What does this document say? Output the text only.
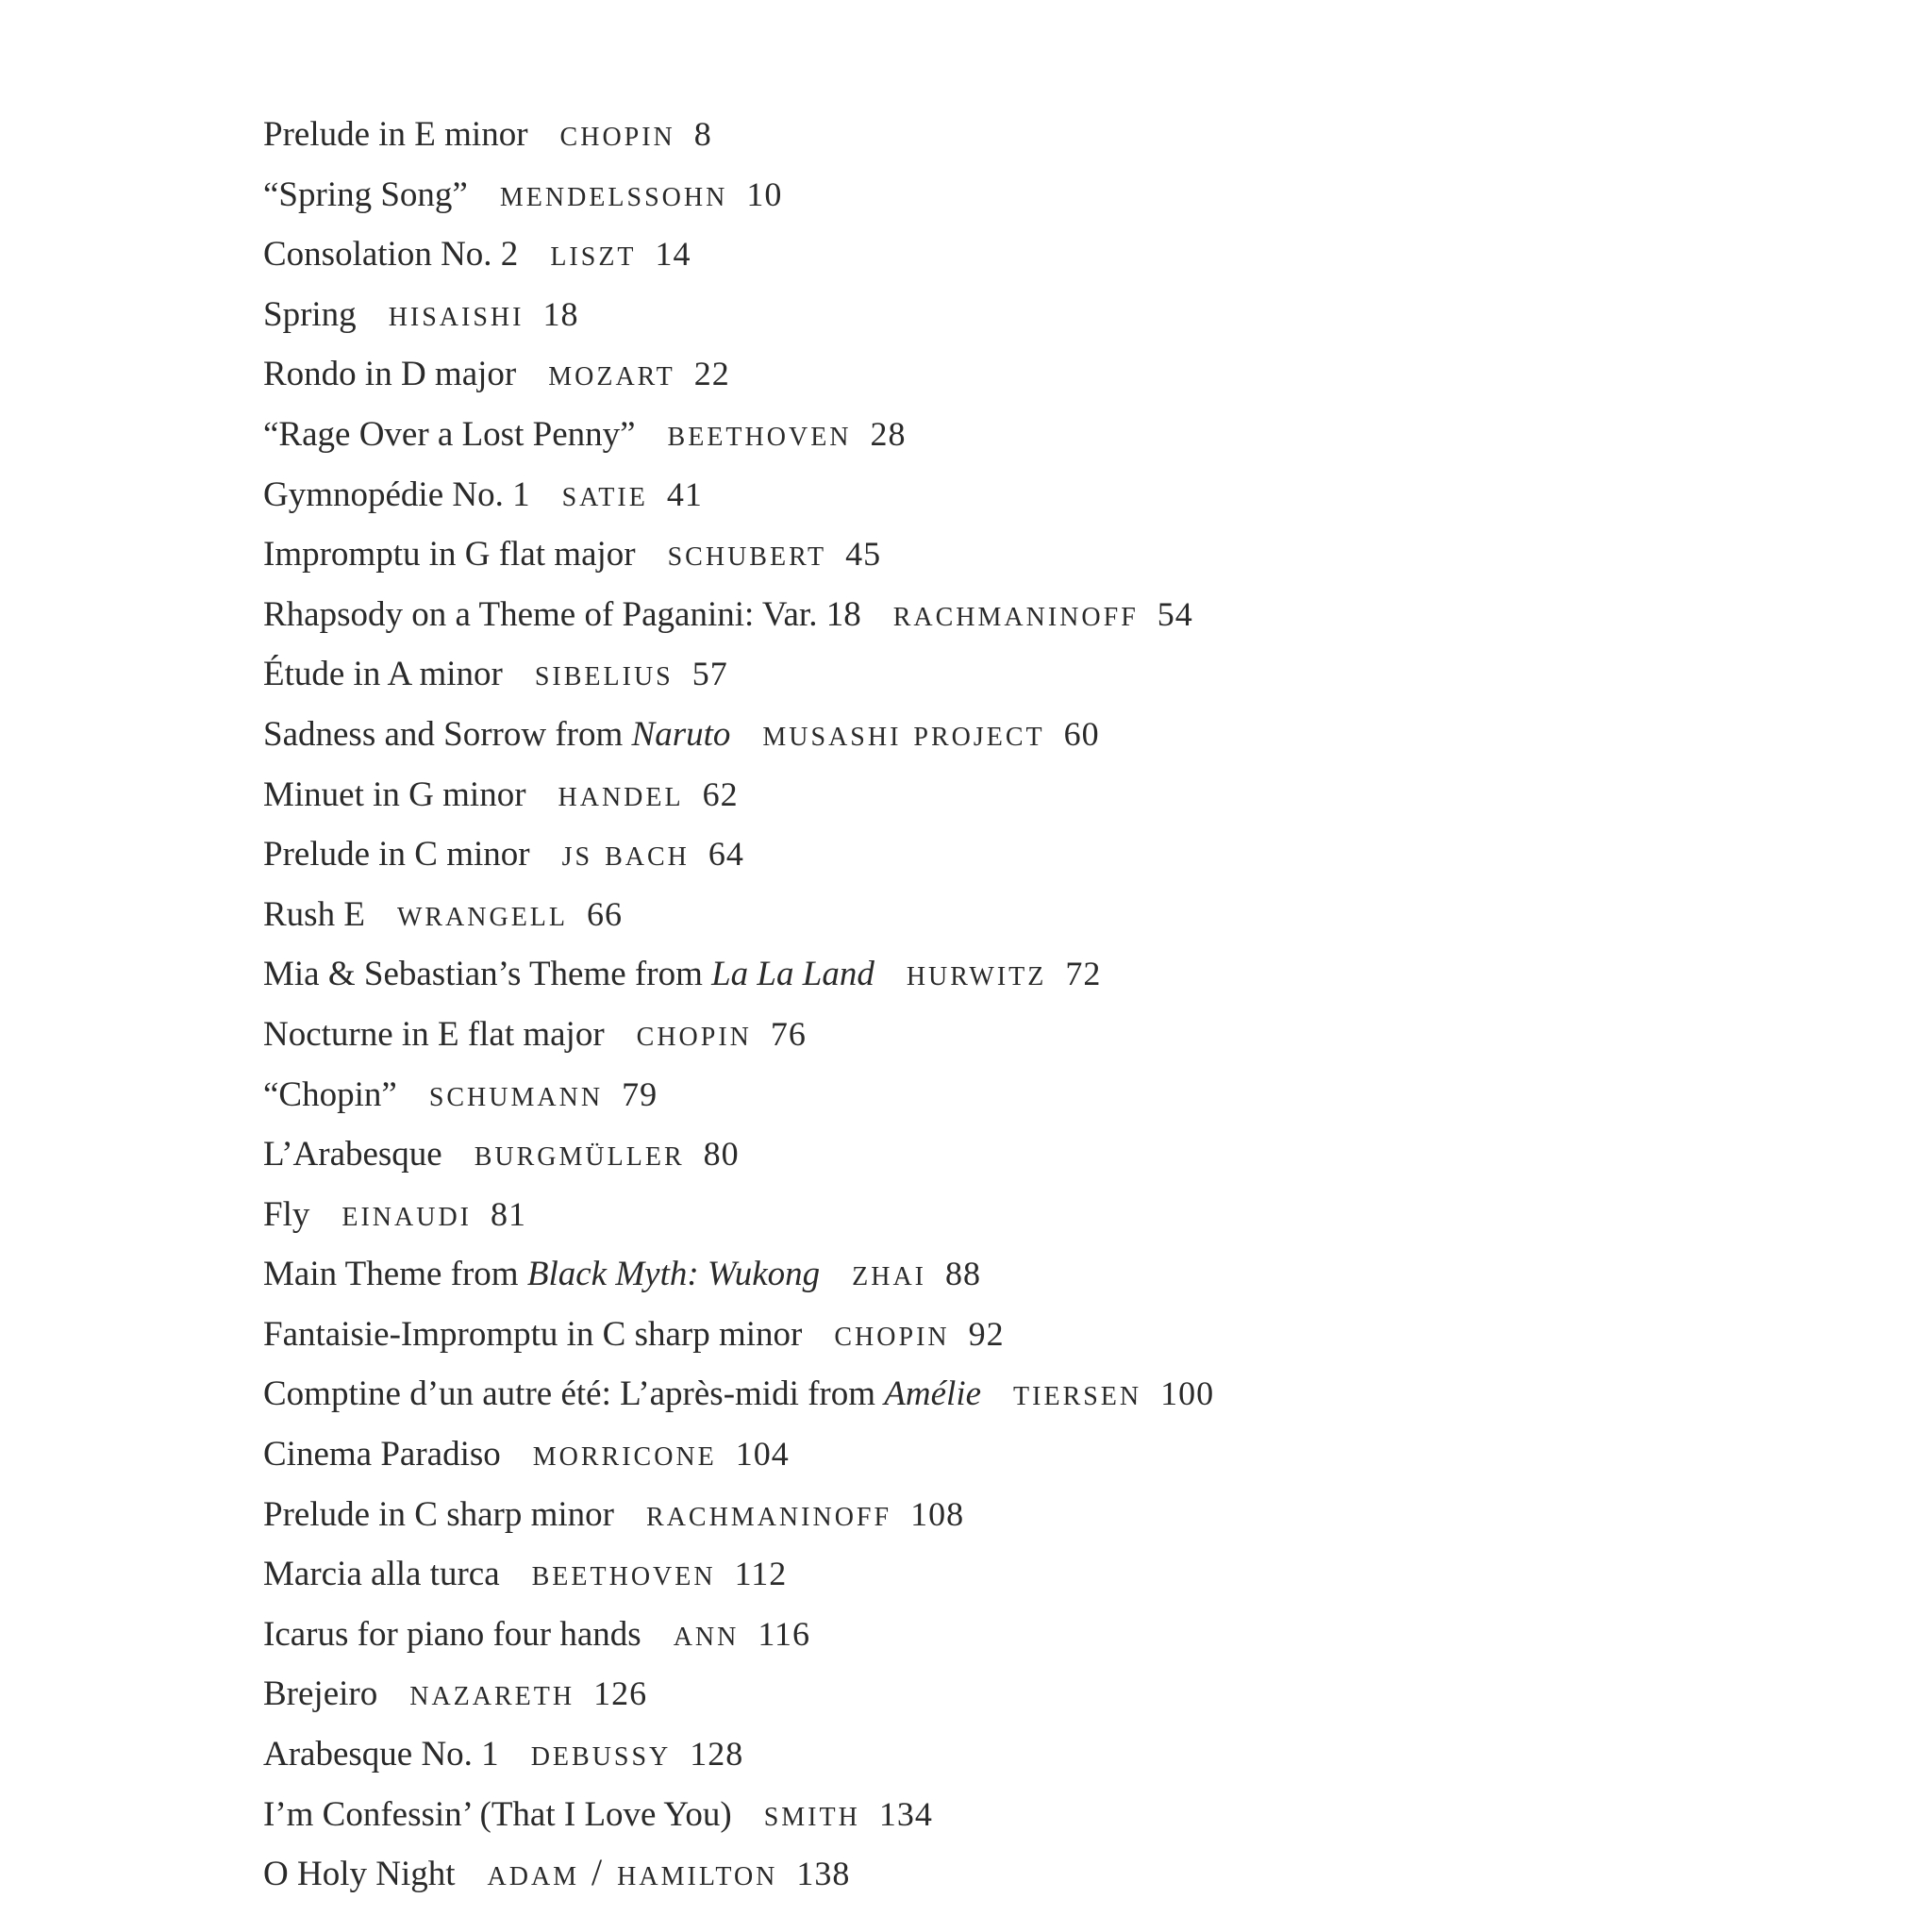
Prelude in E minor chopin 8
“Spring Song” mendelssohn 10
Consolation No. 2 liszt 14
Spring hisaishi 18
Rondo in D major mozart 22
“Rage Over a Lost Penny” beethoven 28
Gymnopédie No. 1 satie 41
Impromptu in G flat major schubert 45
Rhapsody on a Theme of Paganini: Var. 18 rachmaninoff 54
Étude in A minor sibelius 57
Sadness and Sorrow from Naruto musashi project 60
Minuet in G minor handel 62
Prelude in C minor js bach 64
Rush E wrangell 66
Mia & Sebastian’s Theme from La La Land hurwitz 72
Nocturne in E flat major chopin 76
“Chopin” schumann 79
L’Arabesque burgmüller 80
Fly einaudi 81
Main Theme from Black Myth: Wukong zhai 88
Fantaisie-Impromptu in C sharp minor chopin 92
Comptine d’un autre été: L’après-midi from Amélie tiersen 100
Cinema Paradiso morricone 104
Prelude in C sharp minor rachmaninoff 108
Marcia alla turca beethoven 112
Icarus for piano four hands ann 116
Brejeiro nazareth 126
Arabesque No. 1 debussy 128
I’m Confessin’ (That I Love You) smith 134
O Holy Night adam / hamilton 138
